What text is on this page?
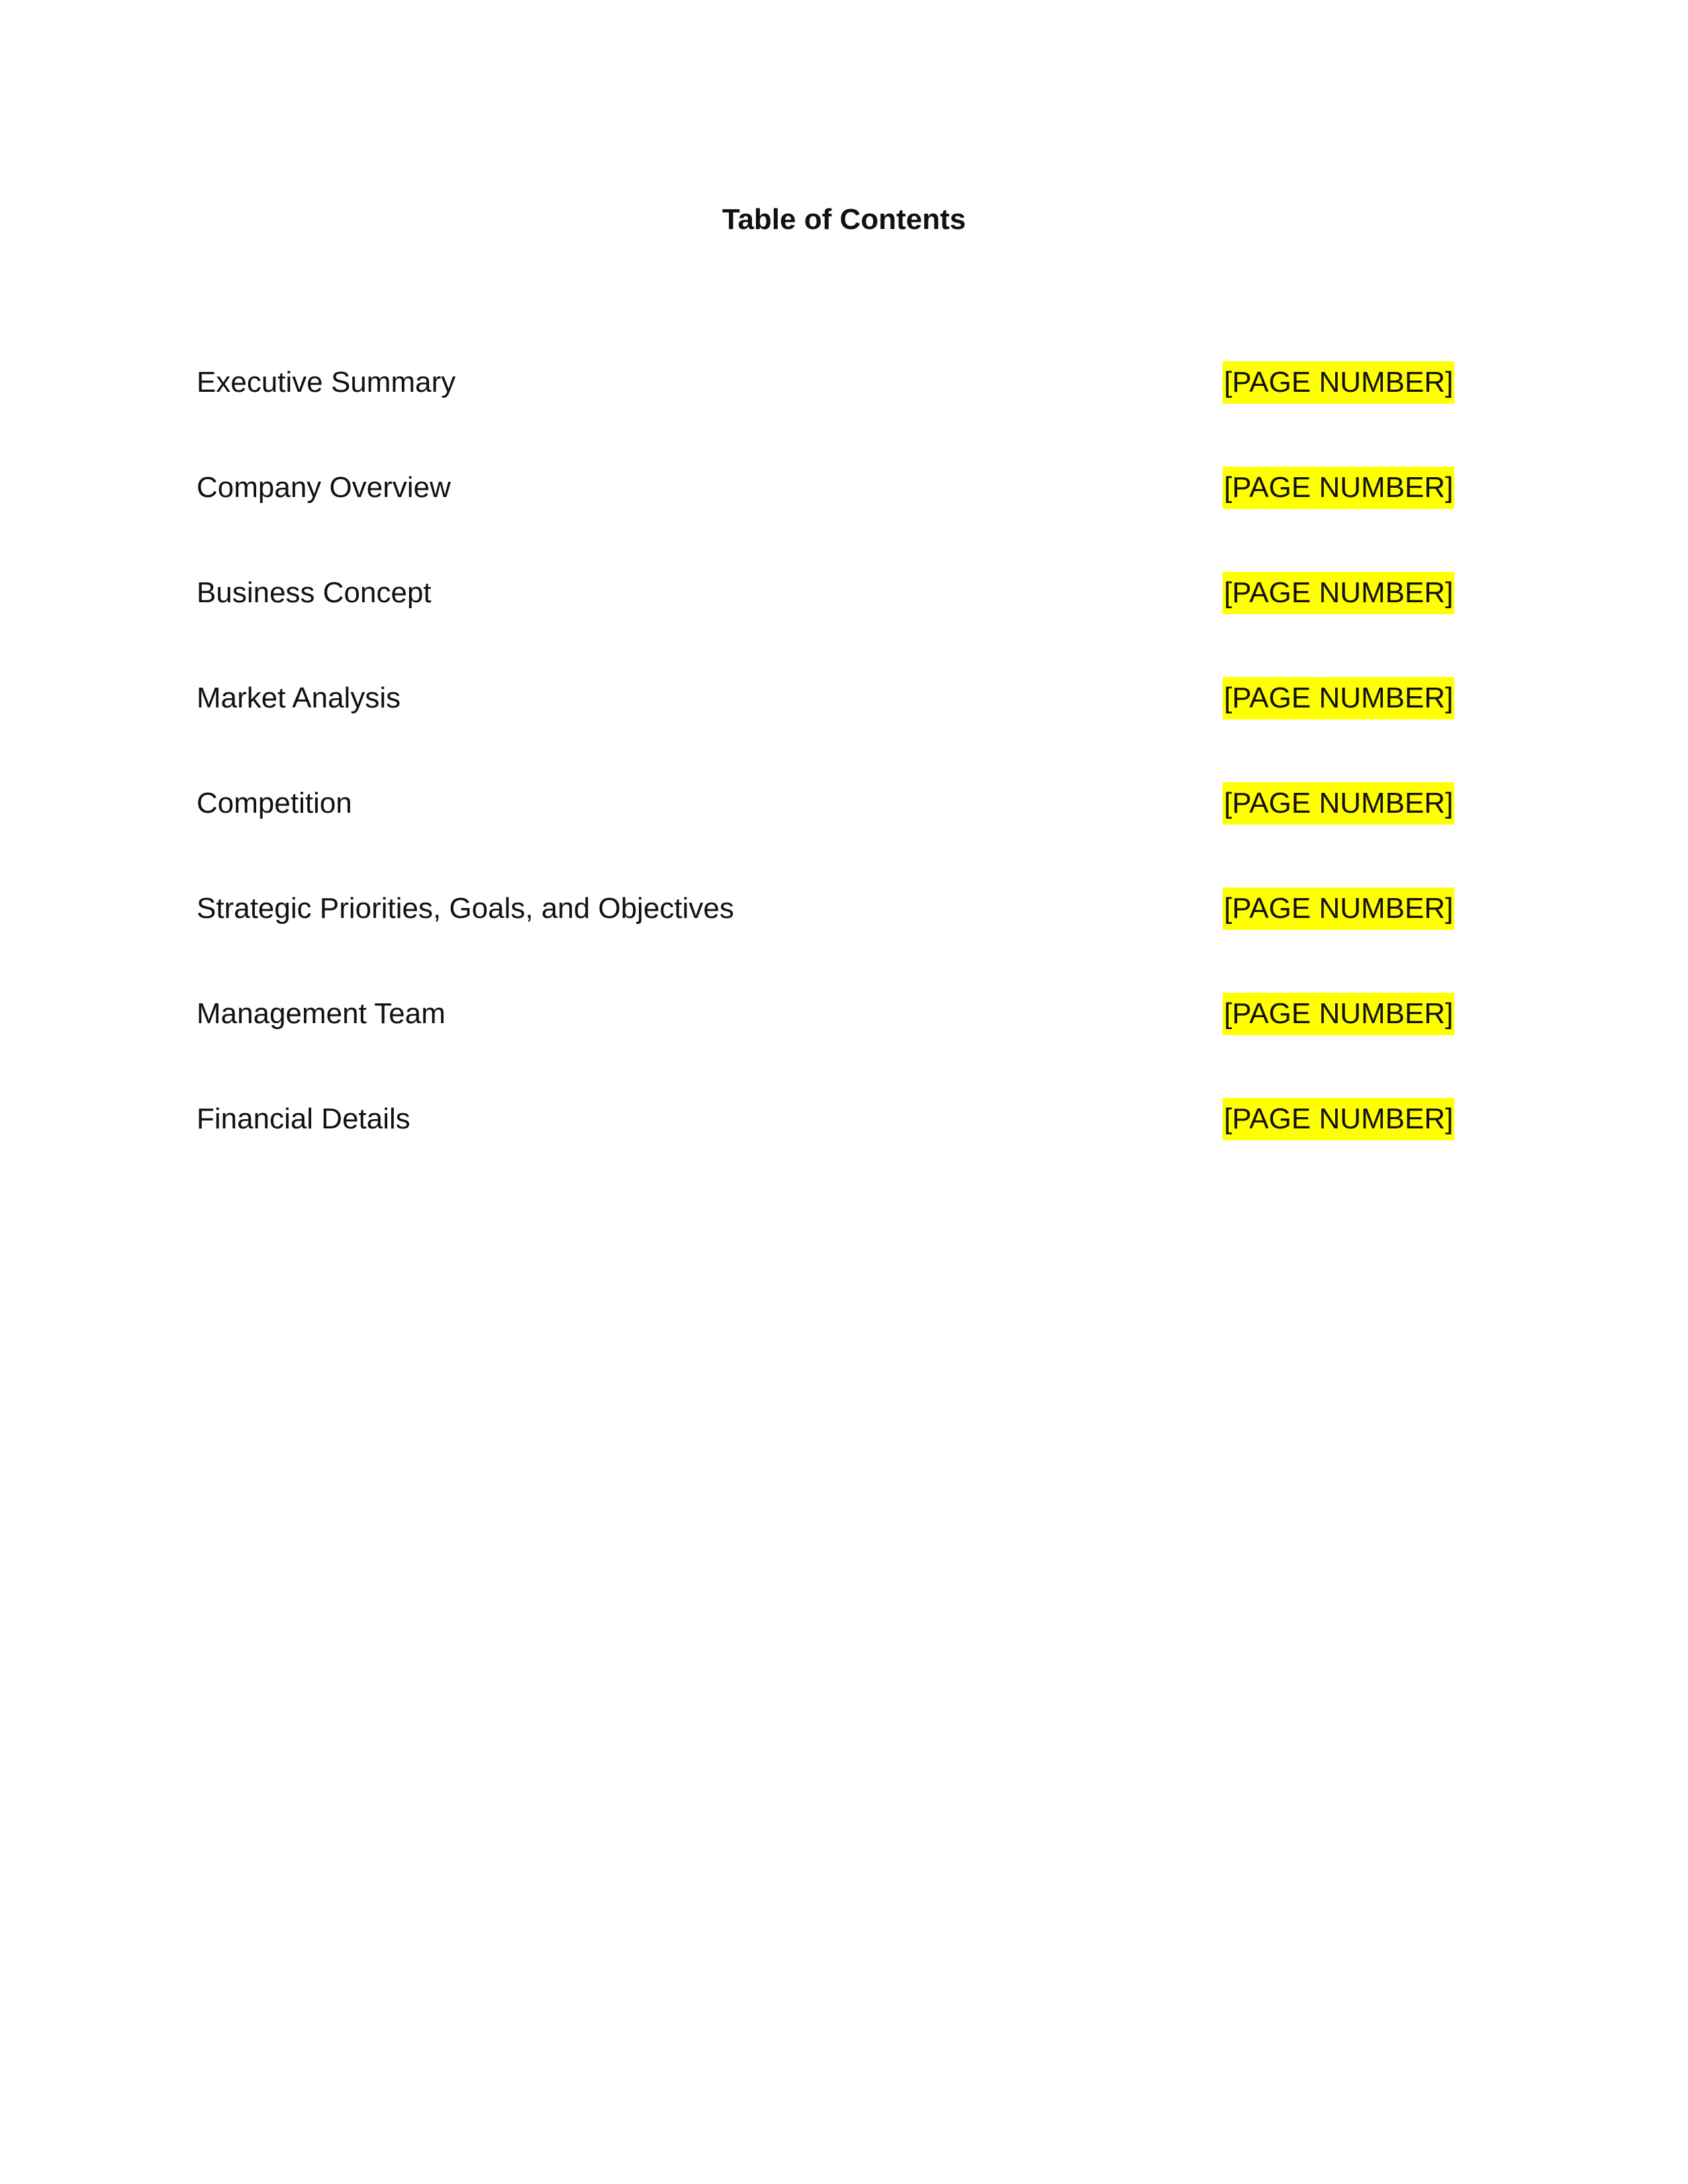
Table of Contents
Executive Summary	[PAGE NUMBER]
Company Overview	[PAGE NUMBER]
Business Concept	[PAGE NUMBER]
Market Analysis	[PAGE NUMBER]
Competition	[PAGE NUMBER]
Strategic Priorities, Goals, and Objectives	[PAGE NUMBER]
Management Team	[PAGE NUMBER]
Financial Details	[PAGE NUMBER]
